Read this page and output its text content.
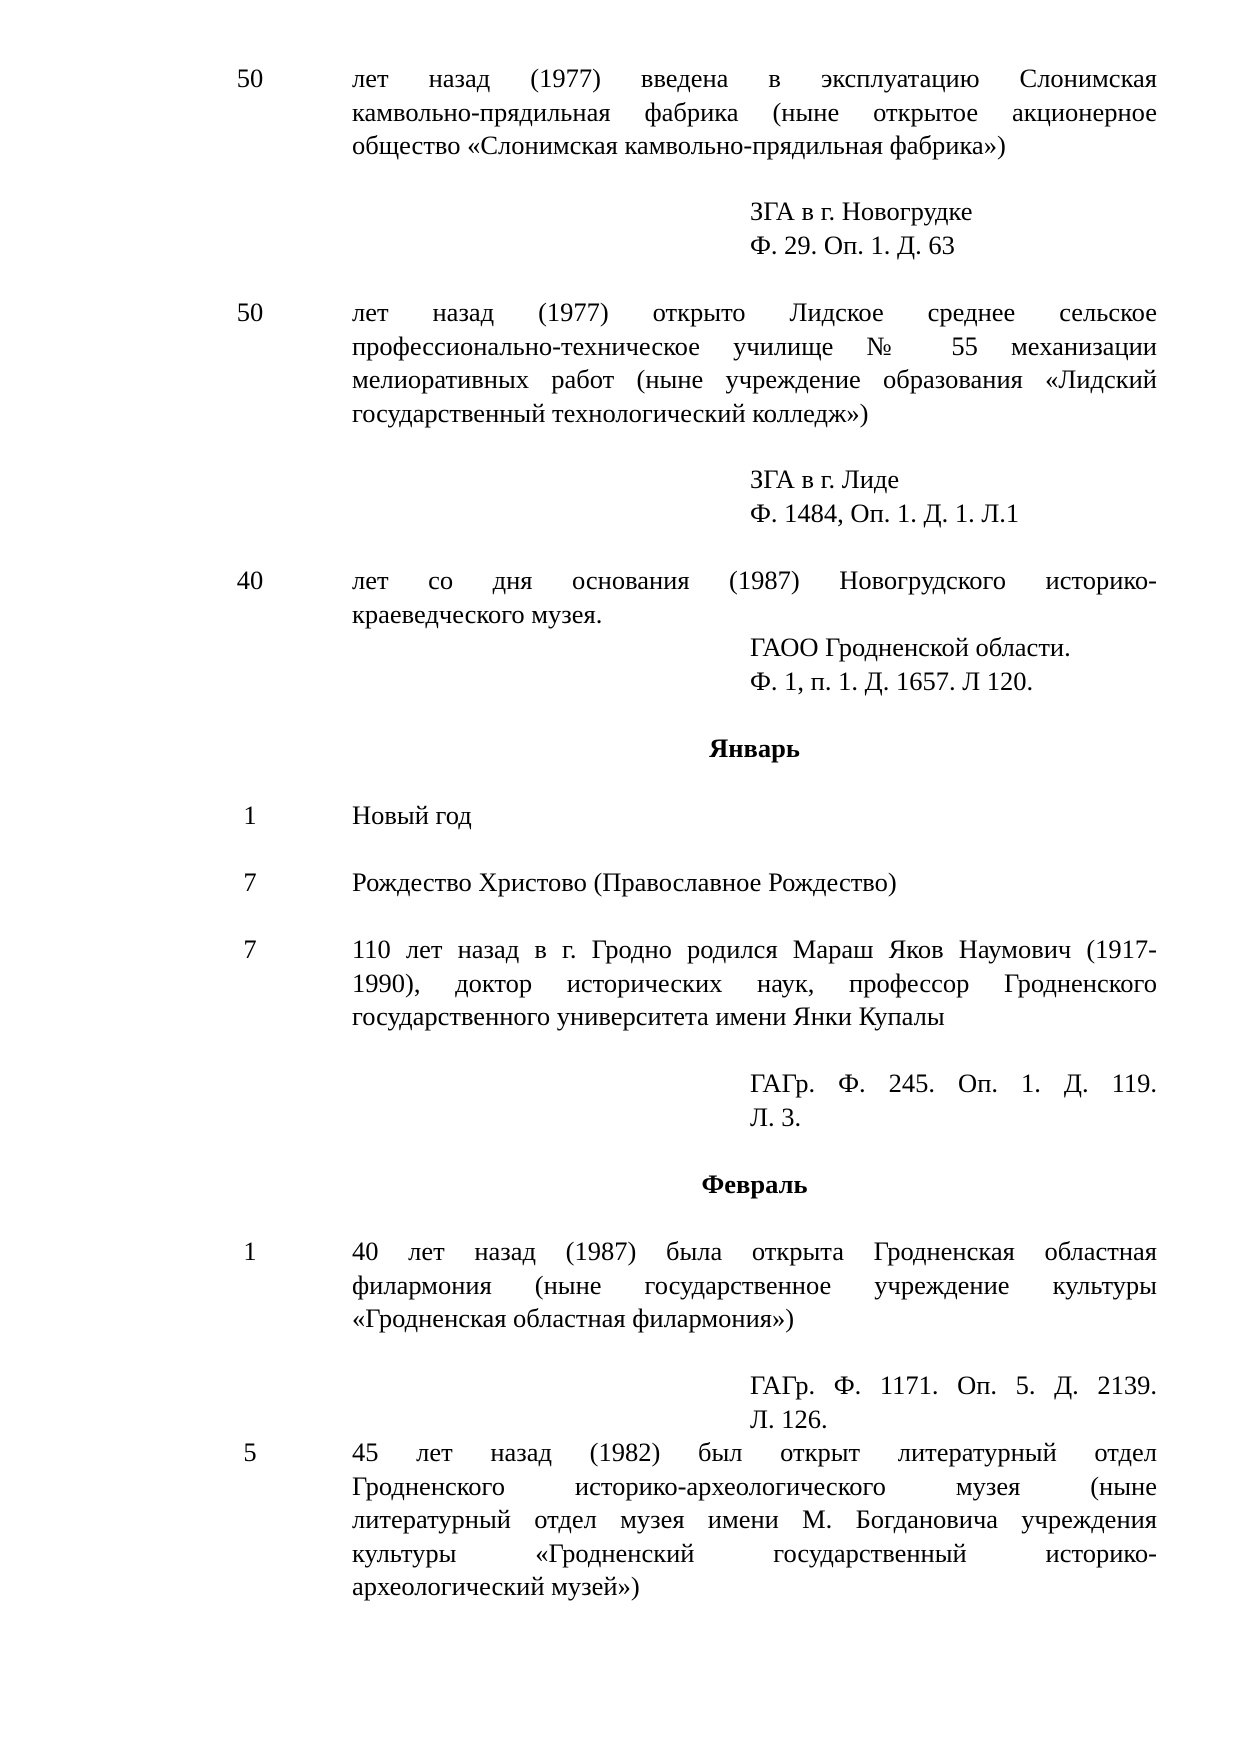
50	лет назад (1977) введена в эксплуатацию Слонимская
камвольно-прядильная фабрика (ныне открытое акционерное
общество «Слонимская камвольно-прядильная фабрика»)
ЗГА в г. Новогрудке
Ф. 29. Оп. 1. Д. 63
50	лет назад (1977) открыто Лидское среднее сельское
профессионально-техническое училище № 55 механизации
мелиоративных работ (ныне учреждение образования «Лидский
государственный технологический колледж»)
ЗГА в г. Лиде
Ф. 1484, Оп. 1. Д. 1. Л.1
40	лет со дня основания (1987) Новогрудского историко-
краеведческого музея.
ГАОО Гродненской области.
Ф. 1, п. 1. Д. 1657. Л 120.
Январь
1	Новый год
7	Рождество Христово (Православное Рождество)
7	110 лет назад в г. Гродно родился Мараш Яков Наумович (1917-
1990), доктор исторических наук, профессор Гродненского
государственного университета имени Янки Купалы
ГАГр. Ф. 245. Оп. 1. Д. 119.
Л. 3.
Февраль
1	40 лет назад (1987) была открыта Гродненская областная
филармония (ныне государственное учреждение культуры
«Гродненская областная филармония»)
ГАГр. Ф. 1171. Оп. 5. Д. 2139.
Л. 126.
5	45 лет назад (1982) был открыт литературный отдел
Гродненского историко-археологического музея (ныне
литературный отдел музея имени М. Богдановича учреждения
культуры «Гродненский государственный историко-
археологический музей»)
